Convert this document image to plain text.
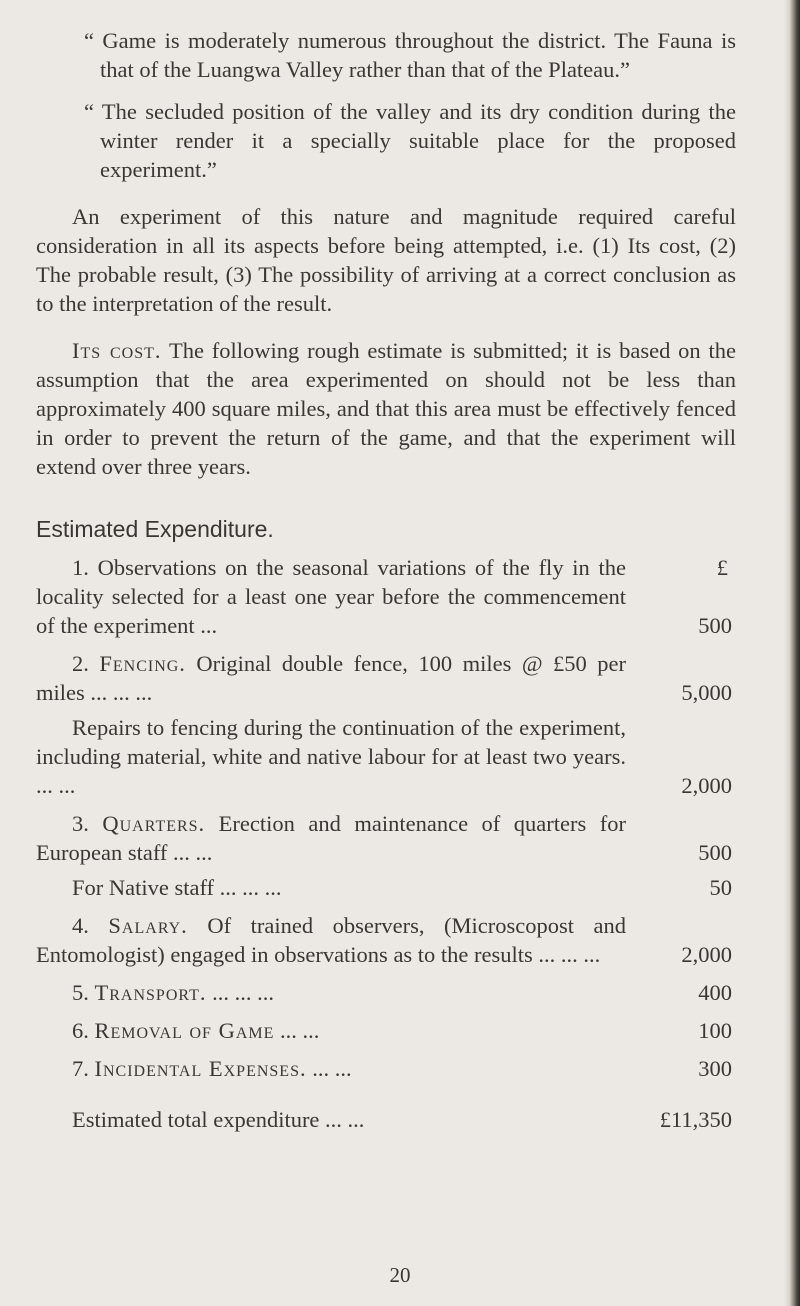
“ Game is moderately numerous throughout the district. The Fauna is that of the Luangwa Valley rather than that of the Plateau.”

“ The secluded position of the valley and its dry condition during the winter render it a specially suitable place for the proposed experiment.”

An experiment of this nature and magnitude required careful consideration in all its aspects before being attempted, i.e. (1) Its cost, (2) The probable result, (3) The possibility of arriving at a correct conclusion as to the interpretation of the result.

Its cost. The following rough estimate is submitted; it is based on the assumption that the area experimented on should not be less than approximately 400 square miles, and that this area must be effectively fenced in order to prevent the return of the game, and that the experiment will extend over three years.

Estimated Expenditure.
£

1. Observations on the seasonal variations of the fly in the locality selected for a least one year before the commencement of the experiment ...	500

2. Fencing. Original double fence, 100 miles @ £50 per miles ... ... ...	5,000

Repairs to fencing during the continuation of the experiment, including material, white and native labour for at least two years. ... ...	2,000

3. Quarters. Erection and maintenance of quarters for European staff ... ...	500

For Native staff ... ... ...	50

4. Salary. Of trained observers, (Microscopost and Entomologist) engaged in observations as to the results ... ... ...	2,000

5. Transport. ... ... ...	400

6. Removal of Game ... ...	100

7. Incidental Expenses. ... ...	300

Estimated total expenditure ... ...	£11,350
20
